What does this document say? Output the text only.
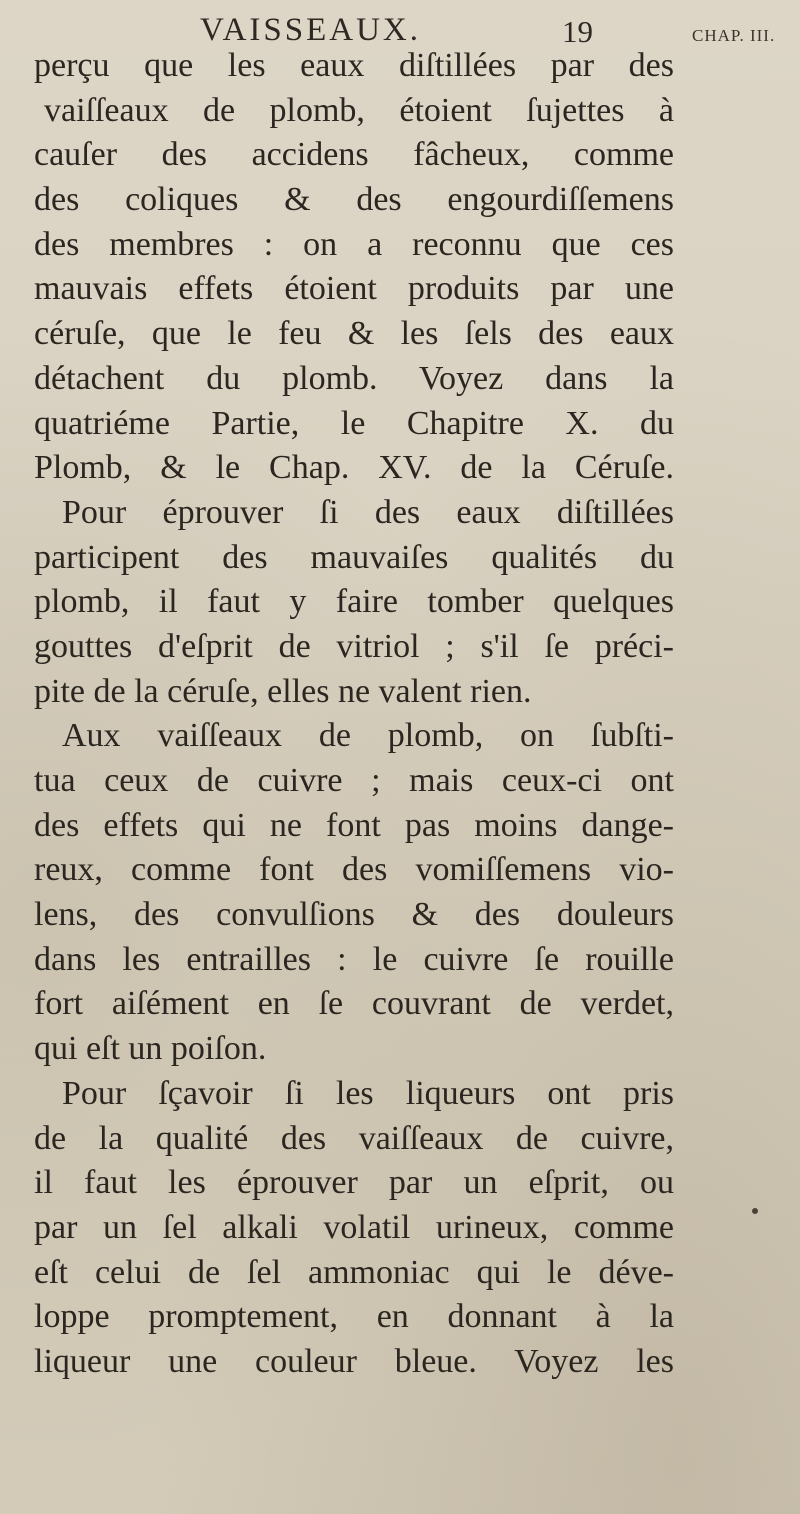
VAISSEAUX.	19	CHAP. III.
perçu que les eaux diſtillées par des
vaiſſeaux de plomb, étoient ſujettes à
cauſer des accidens fâcheux, comme
des coliques & des engourdiſſemens
des membres : on a reconnu que ces
mauvais effets étoient produits par une
céruſe, que le feu & les ſels des eaux
détachent du plomb. Voyez dans la
quatriéme Partie, le Chapitre X. du
Plomb, & le Chap. XV. de la Céruſe.
Pour éprouver ſi des eaux diſtillées
participent des mauvaiſes qualités du
plomb, il faut y faire tomber quelques
gouttes d'eſprit de vitriol ; s'il ſe préci-
pite de la céruſe, elles ne valent rien.
Aux vaiſſeaux de plomb, on ſubſti-
tua ceux de cuivre ; mais ceux-ci ont
des effets qui ne font pas moins dange-
reux, comme font des vomiſſemens vio-
lens, des convulſions & des douleurs
dans les entrailles : le cuivre ſe rouille
fort aiſément en ſe couvrant de verdet,
qui eſt un poiſon.
Pour ſçavoir ſi les liqueurs ont pris
de la qualité des vaiſſeaux de cuivre,
il faut les éprouver par un eſprit, ou
par un ſel alkali volatil urineux, comme
eſt celui de ſel ammoniac qui le déve-
loppe promptement, en donnant à la
liqueur une couleur bleue. Voyez les
